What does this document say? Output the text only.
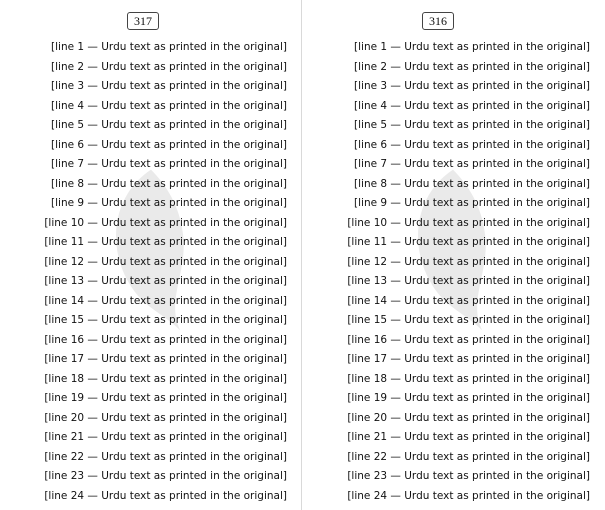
317
[line 1 — Urdu text as printed in the original]
[line 2 — Urdu text as printed in the original]
[line 3 — Urdu text as printed in the original]
[line 4 — Urdu text as printed in the original]
[line 5 — Urdu text as printed in the original]
[line 6 — Urdu text as printed in the original]
[line 7 — Urdu text as printed in the original]
[line 8 — Urdu text as printed in the original]
[line 9 — Urdu text as printed in the original]
[line 10 — Urdu text as printed in the original]
[line 11 — Urdu text as printed in the original]
[line 12 — Urdu text as printed in the original]
[line 13 — Urdu text as printed in the original]
[line 14 — Urdu text as printed in the original]
[line 15 — Urdu text as printed in the original]
[line 16 — Urdu text as printed in the original]
[line 17 — Urdu text as printed in the original]
[line 18 — Urdu text as printed in the original]
[line 19 — Urdu text as printed in the original]
[line 20 — Urdu text as printed in the original]
[line 21 — Urdu text as printed in the original]
[line 22 — Urdu text as printed in the original]
[line 23 — Urdu text as printed in the original]
[line 24 — Urdu text as printed in the original]
316
[line 1 — Urdu text as printed in the original]
[line 2 — Urdu text as printed in the original]
[line 3 — Urdu text as printed in the original]
[line 4 — Urdu text as printed in the original]
[line 5 — Urdu text as printed in the original]
[line 6 — Urdu text as printed in the original]
[line 7 — Urdu text as printed in the original]
[line 8 — Urdu text as printed in the original]
[line 9 — Urdu text as printed in the original]
[line 10 — Urdu text as printed in the original]
[line 11 — Urdu text as printed in the original]
[line 12 — Urdu text as printed in the original]
[line 13 — Urdu text as printed in the original]
[line 14 — Urdu text as printed in the original]
[line 15 — Urdu text as printed in the original]
[line 16 — Urdu text as printed in the original]
[line 17 — Urdu text as printed in the original]
[line 18 — Urdu text as printed in the original]
[line 19 — Urdu text as printed in the original]
[line 20 — Urdu text as printed in the original]
[line 21 — Urdu text as printed in the original]
[line 22 — Urdu text as printed in the original]
[line 23 — Urdu text as printed in the original]
[line 24 — Urdu text as printed in the original]
